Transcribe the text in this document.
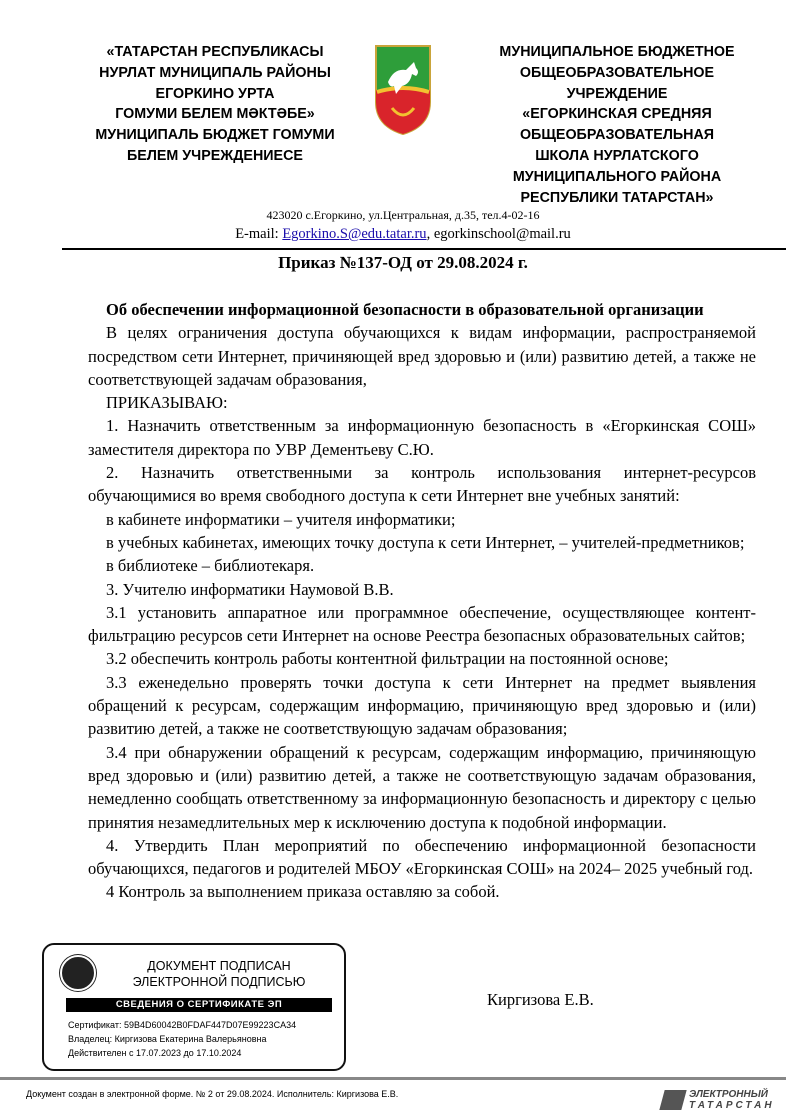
«ТАТАРСТАН РЕСПУБЛИКАСЫ
НУРЛАТ МУНИЦИПАЛЬ РАЙОНЫ
ЕГОРКИНО УРТА
ГОМУМИ БЕЛЕМ МӘКТӘБЕ»
МУНИЦИПАЛЬ БЮДЖЕТ ГОМУМИ
БЕЛЕМ УЧРЕЖДЕНИЕСЕ
МУНИЦИПАЛЬНОЕ БЮДЖЕТНОЕ
ОБЩЕОБРАЗОВАТЕЛЬНОЕ
УЧРЕЖДЕНИЕ
«ЕГОРКИНСКАЯ СРЕДНЯЯ
ОБЩЕОБРАЗОВАТЕЛЬНАЯ
ШКОЛА НУРЛАТСКОГО
МУНИЦИПАЛЬНОГО РАЙОНА
РЕСПУБЛИКИ ТАТАРСТАН»
423020 с.Егоркино, ул.Центральная, д.35, тел.4-02-16
E-mail: Egorkino.S@edu.tatar.ru, egorkinschool@mail.ru
Приказ №137-ОД от 29.08.2024 г.

Об обеспечении информационной безопасности в образовательной организации

В целях ограничения доступа обучающихся к видам информации, распространяемой посредством сети Интернет, причиняющей вред здоровью и (или) развитию детей, а также не соответствующей задачам образования,

ПРИКАЗЫВАЮ:

1. Назначить ответственным за информационную безопасность в «Егоркинская СОШ» заместителя директора по УВР Дементьеву С.Ю.

2. Назначить ответственными за контроль использования интернет-ресурсов обучающимися во время свободного доступа к сети Интернет вне учебных занятий:

в кабинете информатики – учителя информатики;

в учебных кабинетах, имеющих точку доступа к сети Интернет, – учителей-предметников;

в библиотеке – библиотекаря.

3. Учителю информатики Наумовой В.В.

3.1 установить аппаратное или программное обеспечение, осуществляющее контент-фильтрацию ресурсов сети Интернет на основе Реестра безопасных образовательных сайтов;

3.2 обеспечить контроль работы контентной фильтрации на постоянной основе;

3.3 еженедельно проверять точки доступа к сети Интернет на предмет выявления обращений к ресурсам, содержащим информацию, причиняющую вред здоровью и (или) развитию детей, а также не соответствующую задачам образования;

3.4 при обнаружении обращений к ресурсам, содержащим информацию, причиняющую вред здоровью и (или) развитию детей, а также не соответствующую задачам образования, немедленно сообщать ответственному за информационную безопасность и директору с целью принятия незамедлительных мер к исключению доступа к подобной информации.

4. Утвердить План мероприятий по обеспечению информационной безопасности обучающихся, педагогов и родителей МБОУ «Егоркинская СОШ» на 2024– 2025 учебный год.

4 Контроль за выполнением приказа оставляю за собой.

ДОКУМЕНТ ПОДПИСАН
ЭЛЕКТРОННОЙ ПОДПИСЬЮ
СВЕДЕНИЯ О СЕРТИФИКАТЕ ЭП
Сертификат: 59B4D60042B0FDAF447D07E99223CA34
Владелец: Киргизова Екатерина Валерьяновна
Действителен с 17.07.2023 до 17.10.2024
Киргизова Е.В.
Документ создан в электронной форме. № 2 от 29.08.2024. Исполнитель: Киргизова Е.В.	ЭЛЕКТРОННЫЙ
ТАТАРСТАН
